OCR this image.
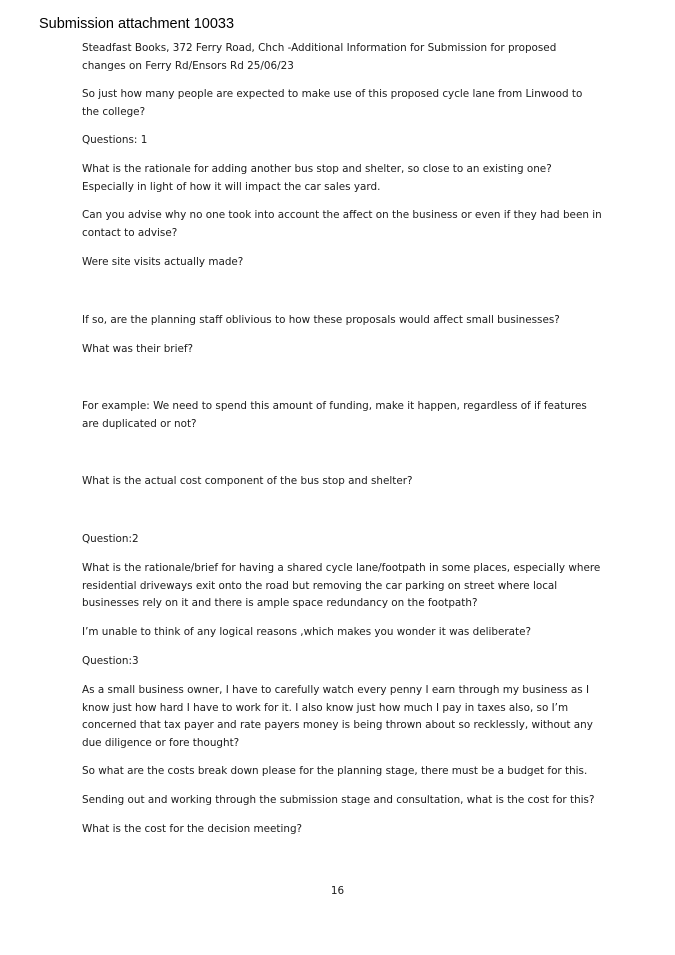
Submission attachment 10033

Steadfast Books, 372 Ferry Road, Chch -Additional Information for Submission for proposed changes on Ferry Rd/Ensors Rd 25/06/23

So just how many people are expected to make use of this proposed cycle lane from Linwood to the college?

Questions: 1

What is the rationale for adding another bus stop and shelter, so close to an existing one? Especially in light of how it will impact the car sales yard.

Can you advise why no one took into account the affect on the business or even if they had been in contact to advise?

Were site visits actually made?

If so, are the planning staff oblivious to how these proposals would affect small businesses?

What was their brief?

For example: We need to spend this amount of funding, make it happen, regardless of if features are duplicated or not?

What is the actual cost component of the bus stop and shelter?

Question:2

What is the rationale/brief for having a shared cycle lane/footpath in some places, especially where residential driveways exit onto the road but removing the car parking on street where local businesses rely on it and there is ample space redundancy on the footpath?

I’m unable to think of any logical reasons ,which makes you wonder it was deliberate?

Question:3

As a small business owner, I have to carefully watch every penny I earn through my business as I know just how hard I have to work for it. I also know just how much I pay in taxes also, so I’m concerned that tax payer and rate payers money is being thrown about so recklessly, without any due diligence or fore thought?

So what are the costs break down please for the planning stage, there must be a budget for this.

Sending out and working through the submission stage and consultation, what is the cost for this?

What is the cost for the decision meeting?

16
